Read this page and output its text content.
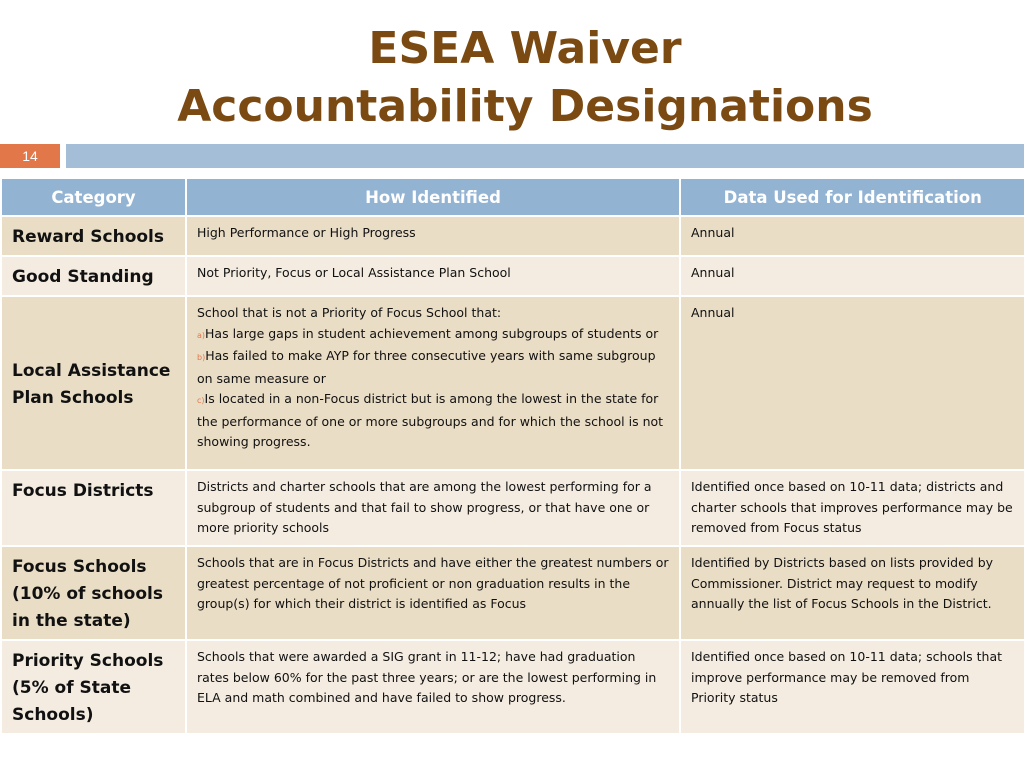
ESEA Waiver
Accountability Designations
14
Category	How Identified	Data Used for Identification
Reward Schools	High Performance or High Progress	Annual
Good Standing	Not Priority, Focus or Local Assistance Plan School	Annual
Local Assistance Plan Schools	School that is not a Priority of Focus School that:
a)Has large gaps in student achievement among subgroups of students or
b)Has failed to make AYP for three consecutive years with same subgroup on same measure or
c)Is located in a non-Focus district but is among the lowest in the state for the performance of one or more subgroups and for which the school is not showing progress.	Annual
Focus Districts	Districts and charter schools that are among the lowest performing for a subgroup of students and that fail to show progress, or that have one or more priority schools	Identified once based on 10-11 data; districts and charter schools that improves performance may be removed from Focus status
Focus Schools (10% of schools in the state)	Schools that are in Focus Districts and have either the greatest numbers or greatest percentage of not proficient or non graduation results in the group(s) for which their district is identified as Focus	Identified by Districts based on lists provided by Commissioner. District may request to modify annually the list of Focus Schools in the District.
Priority Schools (5% of State Schools)	Schools that were awarded a SIG grant in 11-12; have had graduation rates below 60% for the past three years; or are the lowest performing in ELA and math combined and have failed to show progress.	Identified once based on 10-11 data; schools that improve performance may be removed from Priority status
